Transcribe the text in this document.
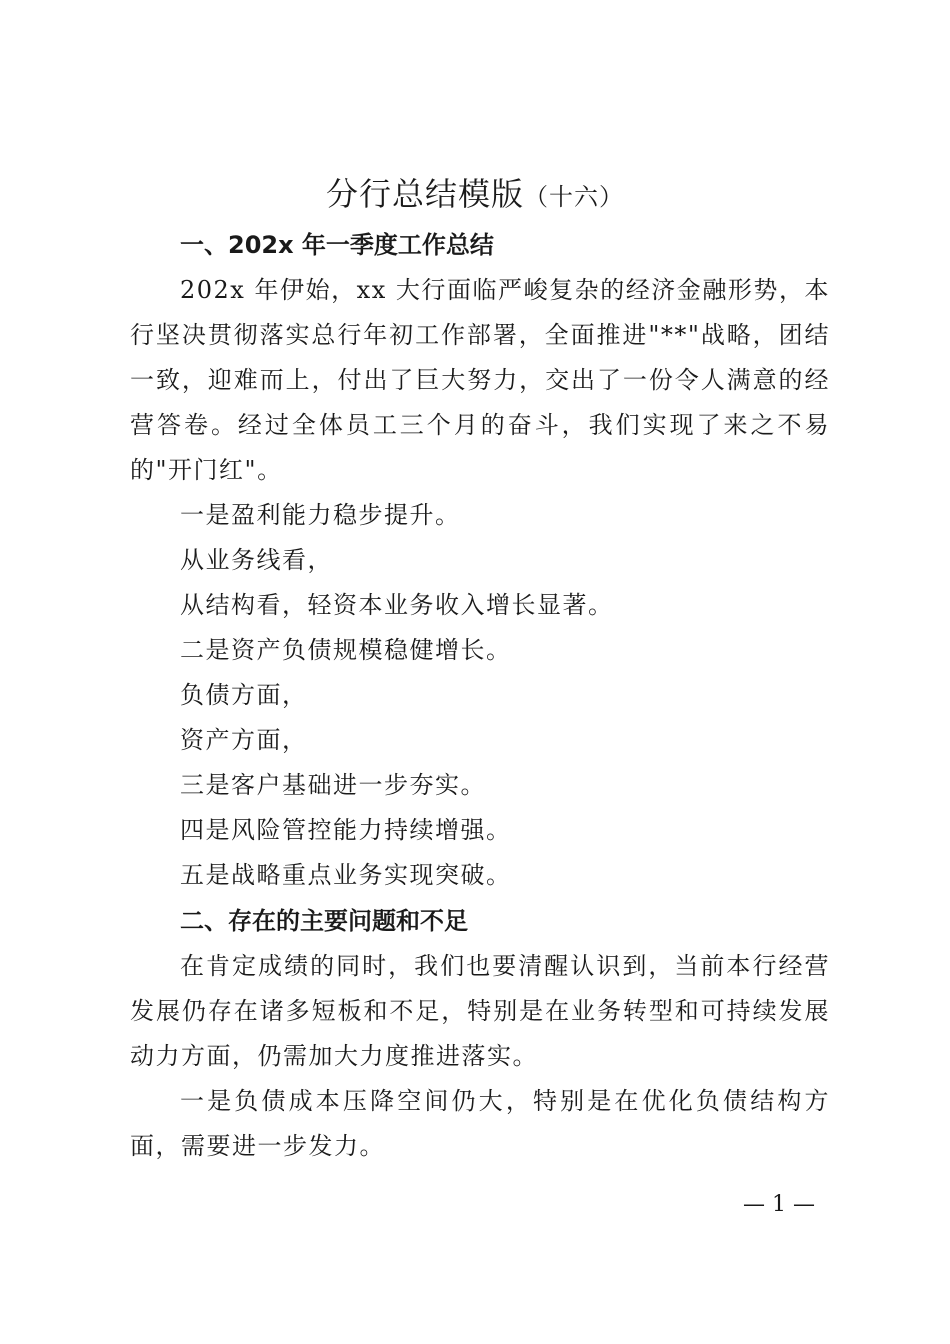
分行总结模版（十六）

一、202x 年一季度工作总结

202x 年伊始，xx 大行面临严峻复杂的经济金融形势，本行坚决贯彻落实总行年初工作部署，全面推进"**"战略，团结一致，迎难而上，付出了巨大努力，交出了一份令人满意的经营答卷。经过全体员工三个月的奋斗，我们实现了来之不易的"开门红"。

一是盈利能力稳步提升。

从业务线看，

从结构看，轻资本业务收入增长显著。

二是资产负债规模稳健增长。

负债方面，

资产方面，

三是客户基础进一步夯实。

四是风险管控能力持续增强。

五是战略重点业务实现突破。

二、存在的主要问题和不足

在肯定成绩的同时，我们也要清醒认识到，当前本行经营发展仍存在诸多短板和不足，特别是在业务转型和可持续发展动力方面，仍需加大力度推进落实。

一是负债成本压降空间仍大，特别是在优化负债结构方面，需要进一步发力。

— 1 —
